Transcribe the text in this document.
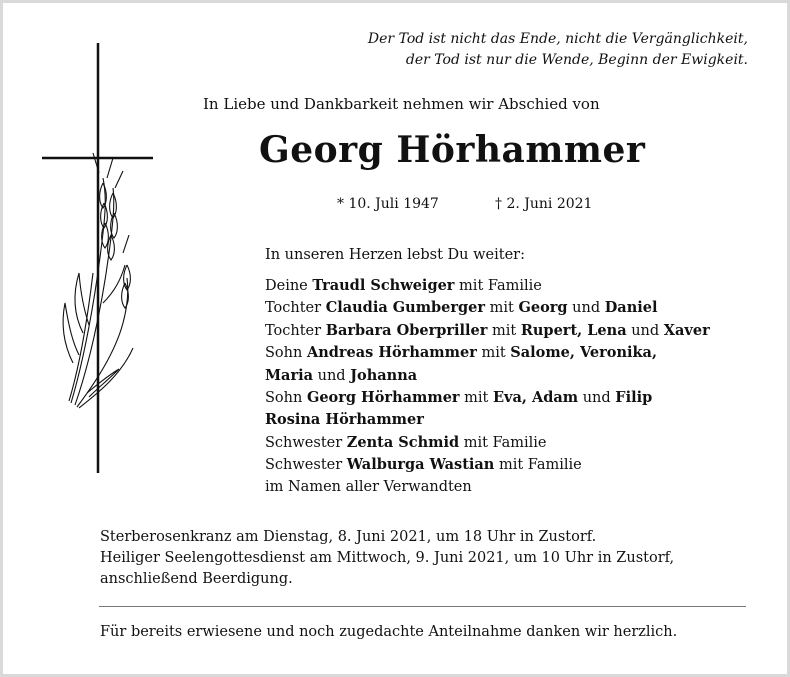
Der Tod ist nicht das Ende, nicht die Vergänglichkeit,
der Tod ist nur die Wende, Beginn der Ewigkeit.
In Liebe und Dankbarkeit nehmen wir Abschied von
Georg Hörhammer
* 10. Juli 1947	† 2. Juni 2021
In unseren Herzen lebst Du weiter:
Deine Traudl Schweiger mit Familie
Tochter Claudia Gumberger mit Georg und Daniel
Tochter Barbara Oberpriller mit Rupert, Lena und Xaver
Sohn Andreas Hörhammer mit Salome, Veronika,
Maria und Johanna
Sohn Georg Hörhammer mit Eva, Adam und Filip
Rosina Hörhammer
Schwester Zenta Schmid mit Familie
Schwester Walburga Wastian mit Familie
im Namen aller Verwandten
Sterberosenkranz am Dienstag, 8. Juni 2021, um 18 Uhr in Zustorf.
Heiliger Seelengottesdienst am Mittwoch, 9. Juni 2021, um 10 Uhr in Zustorf,
anschließend Beerdigung.
Für bereits erwiesene und noch zugedachte Anteilnahme danken wir herzlich.
